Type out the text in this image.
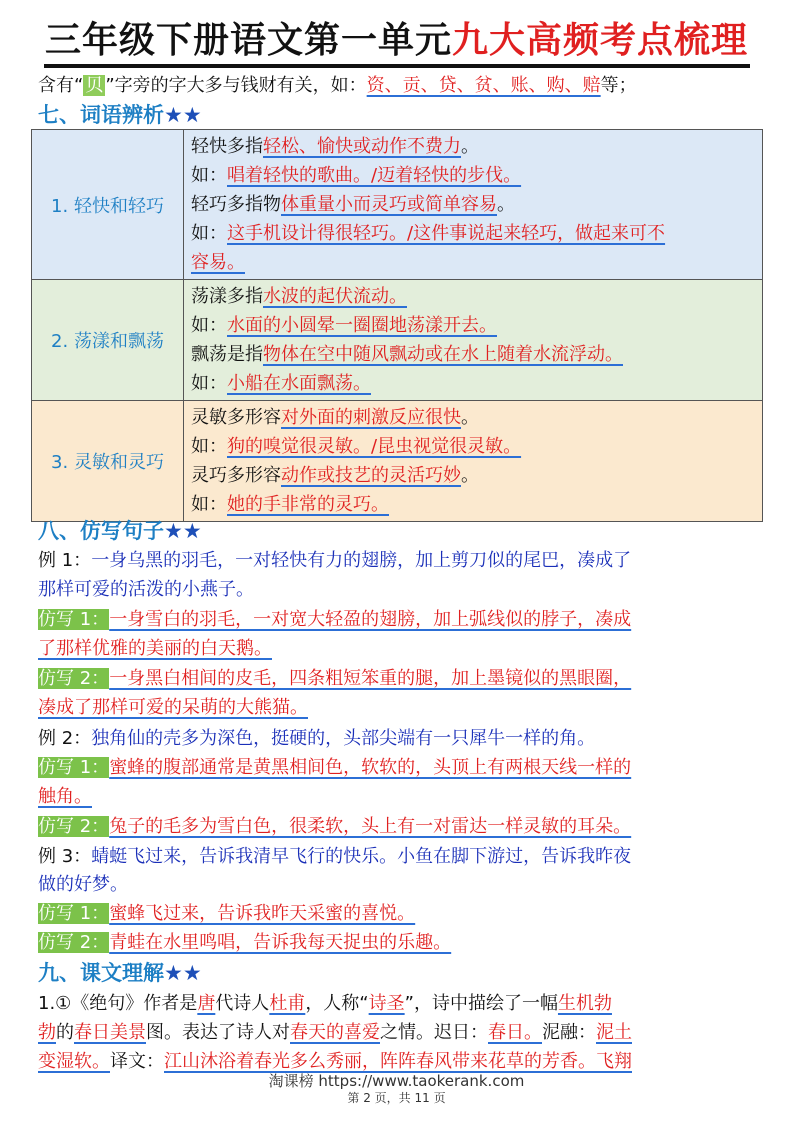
三年级下册语文第一单元九大高频考点梳理
含有“ 贝 ”字旁的字大多与钱财有关，如：资、贡、贷、贫、账、购、赔等；
七、词语辨析★★
1. 轻快和轻巧	轻快多指轻松、愉快或动作不费力。
如：唱着轻快的歌曲。/迈着轻快的步伐。
轻巧多指物体重量小而灵巧或简单容易。
如：这手机设计得很轻巧。/这件事说起来轻巧，做起来可不
容易。

2. 荡漾和飘荡	荡漾多指水波的起伏流动。
如：水面的小圆晕一圈圈地荡漾开去。
飘荡是指物体在空中随风飘动或在水上随着水流浮动。
如：小船在水面飘荡。

3. 灵敏和灵巧	灵敏多形容对外面的刺激反应很快。
如：狗的嗅觉很灵敏。/昆虫视觉很灵敏。
灵巧多形容动作或技艺的灵活巧妙。
如：她的手非常的灵巧。
八、仿写句子★★
例 1：一身乌黑的羽毛，一对轻快有力的翅膀，加上剪刀似的尾巴，凑成了
那样可爱的活泼的小燕子。
仿写 1：一身雪白的羽毛，一对宽大轻盈的翅膀，加上弧线似的脖子，凑成
了那样优雅的美丽的白天鹅。
仿写 2：一身黑白相间的皮毛，四条粗短笨重的腿，加上墨镜似的黑眼圈，
凑成了那样可爱的呆萌的大熊猫。
例 2：独角仙的壳多为深色，挺硬的，头部尖端有一只犀牛一样的角。
仿写 1：蜜蜂的腹部通常是黄黑相间色，软软的，头顶上有两根天线一样的
触角。
仿写 2：兔子的毛多为雪白色，很柔软，头上有一对雷达一样灵敏的耳朵。
例 3：蜻蜓飞过来，告诉我清早飞行的快乐。小鱼在脚下游过，告诉我昨夜
做的好梦。
仿写 1：蜜蜂飞过来，告诉我昨天采蜜的喜悦。
仿写 2：青蛙在水里鸣唱，告诉我每天捉虫的乐趣。
九、课文理解★★
1.①《绝句》作者是唐代诗人杜甫，人称“诗圣”，诗中描绘了一幅生机勃
勃的春日美景图。表达了诗人对春天的喜爱之情。迟日：春日。泥融：泥土
变湿软。译文：江山沐浴着春光多么秀丽，阵阵春风带来花草的芳香。飞翔
淘课榜 https://www.taokerank.com
第 2 页，共 11 页
